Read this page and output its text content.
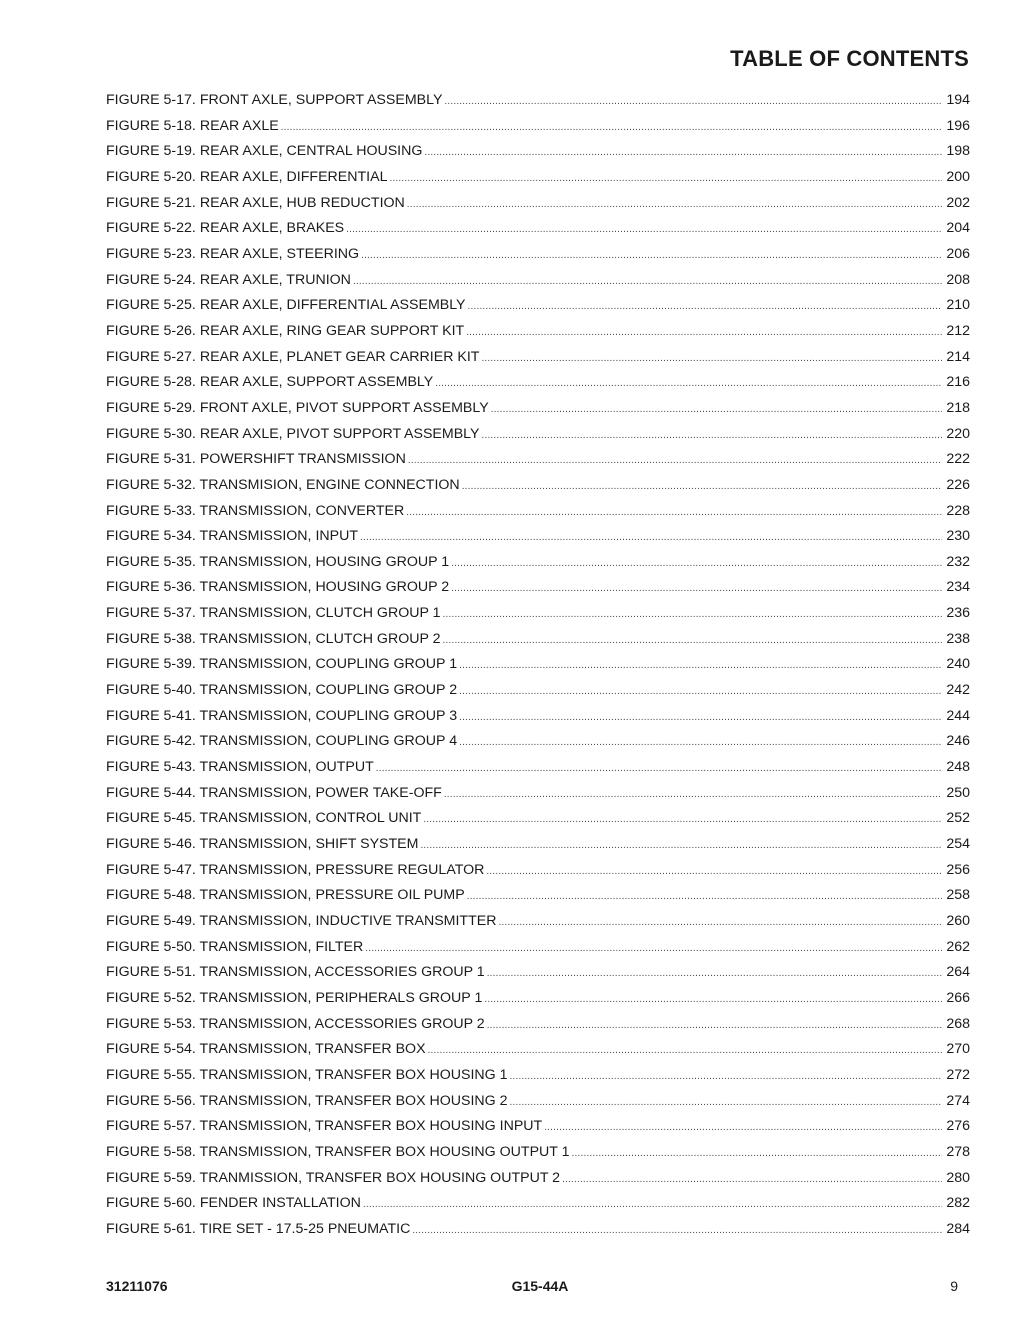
TABLE OF CONTENTS
FIGURE 5-17. FRONT AXLE, SUPPORT ASSEMBLY .....	194
FIGURE 5-18. REAR AXLE .....	196
FIGURE 5-19. REAR AXLE, CENTRAL HOUSING .....	198
FIGURE 5-20. REAR AXLE, DIFFERENTIAL .....	200
FIGURE 5-21. REAR AXLE, HUB REDUCTION .....	202
FIGURE 5-22. REAR AXLE, BRAKES .....	204
FIGURE 5-23. REAR AXLE, STEERING .....	206
FIGURE 5-24. REAR AXLE, TRUNION .....	208
FIGURE 5-25. REAR AXLE, DIFFERENTIAL ASSEMBLY .....	210
FIGURE 5-26. REAR AXLE, RING GEAR SUPPORT KIT .....	212
FIGURE 5-27. REAR AXLE, PLANET GEAR CARRIER KIT .....	214
FIGURE 5-28. REAR AXLE, SUPPORT ASSEMBLY .....	216
FIGURE 5-29. FRONT AXLE, PIVOT SUPPORT ASSEMBLY .....	218
FIGURE 5-30. REAR AXLE, PIVOT SUPPORT ASSEMBLY .....	220
FIGURE 5-31. POWERSHIFT TRANSMISSION .....	222
FIGURE 5-32. TRANSMISION, ENGINE CONNECTION .....	226
FIGURE 5-33. TRANSMISSION, CONVERTER .....	228
FIGURE 5-34. TRANSMISSION, INPUT .....	230
FIGURE 5-35. TRANSMISSION, HOUSING GROUP 1 .....	232
FIGURE 5-36. TRANSMISSION, HOUSING GROUP 2 .....	234
FIGURE 5-37. TRANSMISSION, CLUTCH GROUP 1 .....	236
FIGURE 5-38. TRANSMISSION, CLUTCH GROUP 2 .....	238
FIGURE 5-39. TRANSMISSION, COUPLING GROUP 1 .....	240
FIGURE 5-40. TRANSMISSION, COUPLING GROUP 2 .....	242
FIGURE 5-41. TRANSMISSION, COUPLING GROUP 3 .....	244
FIGURE 5-42. TRANSMISSION, COUPLING GROUP 4 .....	246
FIGURE 5-43. TRANSMISSION, OUTPUT .....	248
FIGURE 5-44. TRANSMISSION, POWER TAKE-OFF .....	250
FIGURE 5-45. TRANSMISSION, CONTROL UNIT .....	252
FIGURE 5-46. TRANSMISSION, SHIFT SYSTEM .....	254
FIGURE 5-47. TRANSMISSION, PRESSURE REGULATOR .....	256
FIGURE 5-48. TRANSMISSION, PRESSURE OIL PUMP .....	258
FIGURE 5-49. TRANSMISSION, INDUCTIVE TRANSMITTER .....	260
FIGURE 5-50. TRANSMISSION, FILTER .....	262
FIGURE 5-51. TRANSMISSION, ACCESSORIES GROUP 1 .....	264
FIGURE 5-52. TRANSMISSION, PERIPHERALS GROUP 1 .....	266
FIGURE 5-53. TRANSMISSION, ACCESSORIES GROUP 2 .....	268
FIGURE 5-54. TRANSMISSION, TRANSFER BOX .....	270
FIGURE 5-55. TRANSMISSION, TRANSFER BOX HOUSING 1 .....	272
FIGURE 5-56. TRANSMISSION, TRANSFER BOX HOUSING 2 .....	274
FIGURE 5-57. TRANSMISSION, TRANSFER BOX HOUSING INPUT .....	276
FIGURE 5-58. TRANSMISSION, TRANSFER BOX HOUSING OUTPUT 1 .....	278
FIGURE 5-59. TRANMISSION, TRANSFER BOX HOUSING OUTPUT 2 .....	280
FIGURE 5-60. FENDER INSTALLATION .....	282
FIGURE 5-61. TIRE SET - 17.5-25 PNEUMATIC .....	284
31211076	G15-44A	9
